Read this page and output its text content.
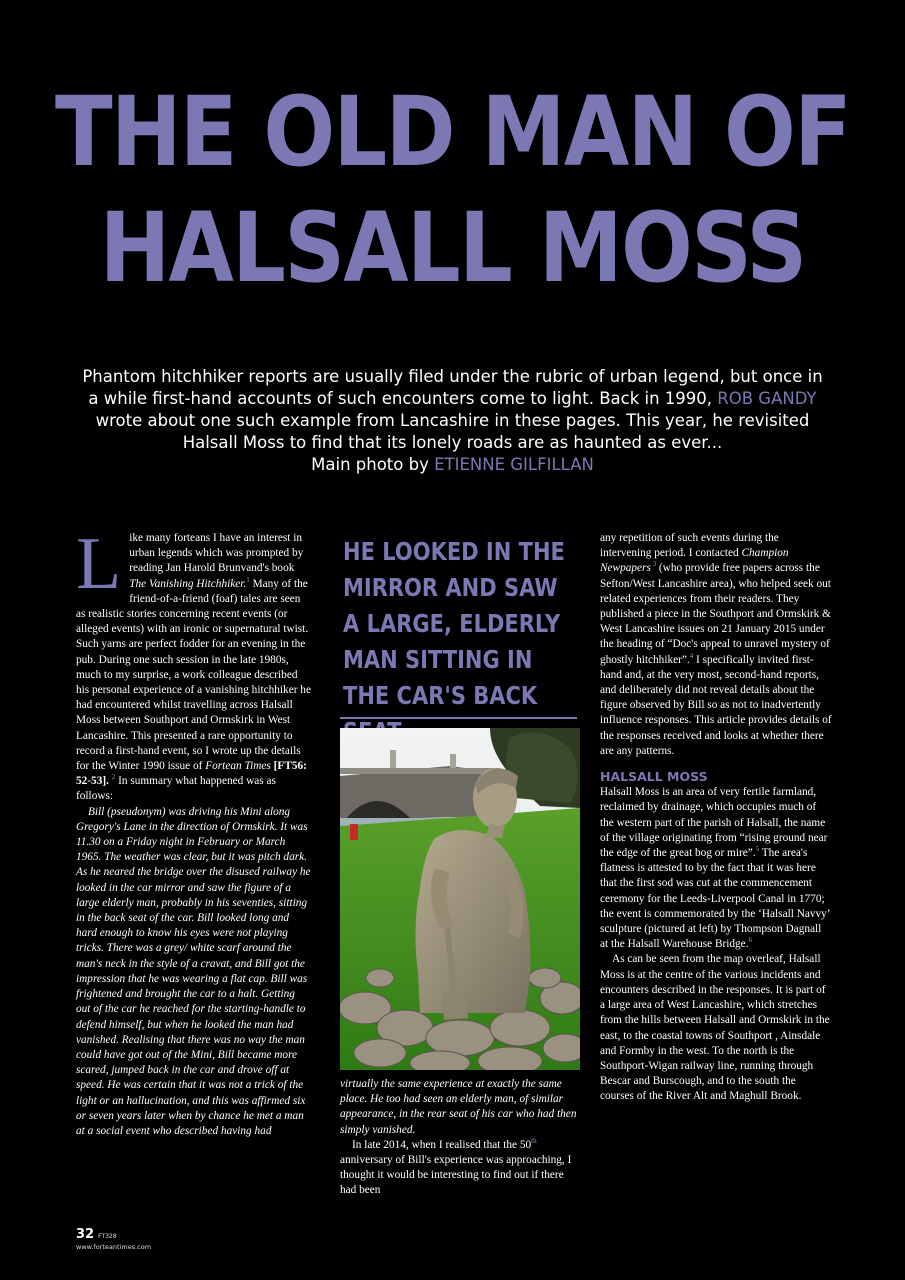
THE OLD MAN OF
HALSALL MOSS
Phantom hitchhiker reports are usually filed under the rubric of urban legend, but once in a while first-hand accounts of such encounters come to light. Back in 1990, ROB GANDY wrote about one such example from Lancashire in these pages. This year, he revisited Halsall Moss to find that its lonely roads are as haunted as ever...
Main photo by ETIENNE GILFILLAN

Like many forteans I have an interest in urban legends which was prompted by reading Jan Harold Brunvand's book The Vanishing Hitchhiker.$^1$ Many of the friend-of-a-friend (foaf) tales are seen as realistic stories concerning recent events (or alleged events) with an ironic or supernatural twist. Such yarns are perfect fodder for an evening in the pub. During one such session in the late 1980s, much to my surprise, a work colleague described his personal experience of a vanishing hitchhiker he had encountered whilst travelling across Halsall Moss between Southport and Ormskirk in West Lancashire. This presented a rare opportunity to record a first-hand event, so I wrote up the details for the Winter 1990 issue of Fortean Times [FT56: 52-53]. $^2$ In summary what happened was as follows:

Bill (pseudonym) was driving his Mini along Gregory's Lane in the direction of Ormskirk. It was 11.30 on a Friday night in February or March 1965. The weather was clear, but it was pitch dark. As he neared the bridge over the disused railway he looked in the car mirror and saw the figure of a large elderly man, probably in his seventies, sitting in the back seat of the car. Bill looked long and hard enough to know his eyes were not playing tricks. There was a grey/ white scarf around the man's neck in the style of a cravat, and Bill got the impression that he was wearing a flat cap. Bill was frightened and brought the car to a halt. Getting out of the car he reached for the starting-handle to defend himself, but when he looked the man had vanished. Realising that there was no way the man could have got out of the Mini, Bill became more scared, jumped back in the car and drove off at speed. He was certain that it was not a trick of the light or an hallucination, and this was affirmed six or seven years later when by chance he met a man at a social event who described having had

HE LOOKED IN THE MIRROR AND SAW A LARGE, ELDERLY MAN SITTING IN THE CAR'S BACK

virtually the same experience at exactly the same place. He too had seen an elderly man, of similar appearance, in the rear seat of his car who had then simply vanished.

In late 2014, when I realised that the 50th anniversary of Bill's experience was approaching, I thought it would be interesting to find out if there had been

any repetition of such events during the intervening period. I contacted Champion Newpapers $^3$ (who provide free papers across the Sefton/West Lancashire area), who helped seek out related experiences from their readers. They published a piece in the Southport and Ormskirk & West Lancashire issues on 21 January 2015 under the heading of “Doc's appeal to unravel mystery of ghostly hitchhiker”.$^4$ I specifically invited first-hand and, at the very most, second-hand reports, and deliberately did not reveal details about the figure observed by Bill so as not to inadvertently influence responses. This article provides details of the responses received and looks at whether there are any patterns.

HALSALL MOSS

Halsall Moss is an area of very fertile farmland, reclaimed by drainage, which occupies much of the western part of the parish of Halsall, the name of the village originating from “rising ground near the edge of the great bog or mire”.$^5$ The area's flatness is attested to by the fact that it was here that the first sod was cut at the commencement ceremony for the Leeds-Liverpool Canal in 1770; the event is commemorated by the ‘Halsall Navvy’ sculpture (pictured at left) by Thompson Dagnall at the Halsall Warehouse Bridge.$^6$

As can be seen from the map overleaf, Halsall Moss is at the centre of the various incidents and encounters described in the responses. It is part of a large area of West Lancashire, which stretches from the hills between Halsall and Ormskirk in the east, to the coastal towns of Southport , Ainsdale and Formby in the west. To the north is the Southport-Wigan railway line, running through Bescar and Burscough, and to the south the courses of the River Alt and Maghull Brook.

32 FT328
www.forteantimes.com
